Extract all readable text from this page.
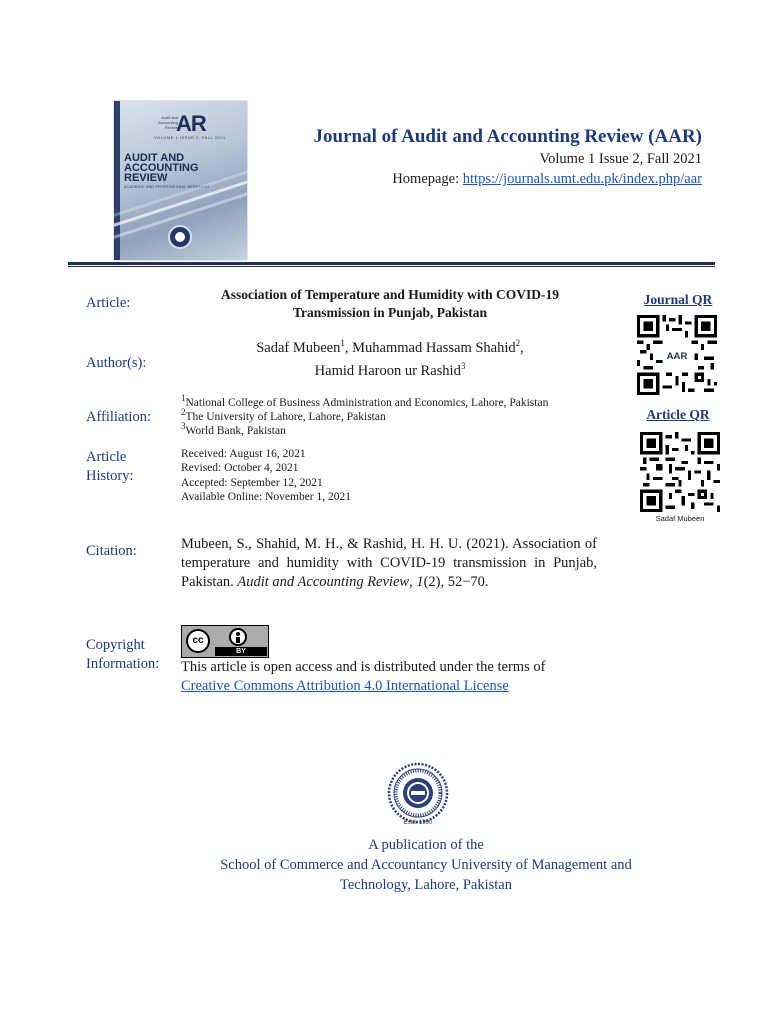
Audit and Accounting Review
AR
VOLUME 1 ISSUE 2, FALL 2021
AUDIT AND ACCOUNTING REVIEW
ACADEMIC AND PROFESSIONAL RESEARCH
Journal of Audit and Accounting Review (AAR)
Volume 1 Issue 2, Fall 2021
Homepage: https://journals.umt.edu.pk/index.php/aar
Article:
Author(s):
Affiliation:
Article
History:
Citation:
Copyright
Information:
Association of Temperature and Humidity with COVID-19
Transmission in Punjab, Pakistan
Sadaf Mubeen$^1$, Muhammad Hassam Shahid$^2$,
Hamid Haroon ur Rashid$^3$
$^1$National College of Business Administration and Economics, Lahore, Pakistan
$^2$The University of Lahore, Lahore, Pakistan
$^3$World Bank, Pakistan
Received: August 16, 2021
Revised: October 4, 2021
Accepted: September 12, 2021
Available Online: November 1, 2021
Mubeen, S., Shahid, M. H., & Rashid, H. H. U. (2021). Association of temperature and humidity with COVID-19 transmission in Punjab, Pakistan. Audit and Accounting Review, 1(2), 52−70.
cc
BY
This article is open access and is distributed under the terms of
Creative Commons Attribution 4.0 International License
Journal QR
Article QR
AAR
Sadaf Mubeen
Estd. 1990
A publication of the
School of Commerce and Accountancy University of Management and
Technology, Lahore, Pakistan
